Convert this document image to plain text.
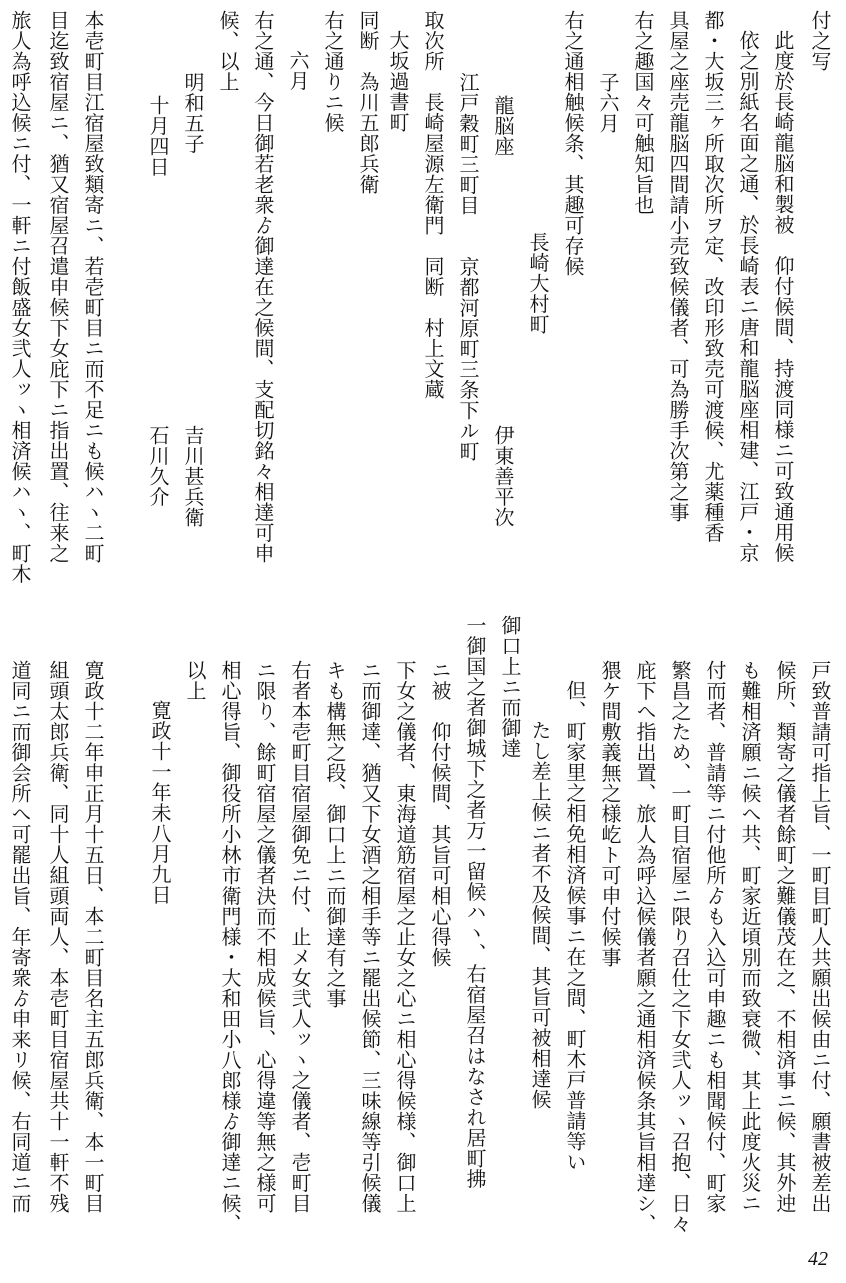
付之写
此度於長崎龍脳和製被　仰付候間、持渡同様ニ可致通用候
依之別紙名面之通、於長崎表ニ唐和龍脳座相建、江戸・京
都・大坂三ヶ所取次所ヲ定、改印形致売可渡候、尤薬種香
具屋之座売龍脳四間請小売致候儀者、可為勝手次第之事
右之趣国々可触知旨也
子六月
右之通相触候条、其趣可存候
長崎大村町
龍脳座
江戸穀町三町目　　京都河原町三条下ル町
伊東善平次
取次所　長崎屋源左衛門　同断　村上文蔵
大坂過書町
同断　為川五郎兵衛
右之通りニ候
六月
右之通、今日御若老衆ゟ御達在之候間、支配切銘々相達可申
候、以上
吉川甚兵衛
明和五子
石川久介
十月四日
本壱町目江宿屋致類寄ニ、若壱町目ニ而不足ニも候ハヽ二町
目迄致宿屋ニ、猶又宿屋召遣申候下女庇下ニ指出置、往来之
旅人為呼込候ニ付、一軒ニ付飯盛女弐人ッヽ相済候ハヽ、町木
戸致普請可指上旨、一町目町人共願出候由ニ付、願書被差出
候所、類寄之儀者餘町之難儀茂在之、不相済事ニ候、其外迚
も難相済願ニ候へ共、町家近頃別而致衰微、其上此度火災ニ
付而者、普請等ニ付他所ゟも入込可申趣ニも相聞候付、町家
繁昌之ため、一町目宿屋ニ限り召仕之下女弐人ッヽ召抱、日々
庇下へ指出置、旅人為呼込候儀者願之通相済候条其旨相達シ、
猥ケ間敷義無之様屹ト可申付候事
但、町家里之相免相済候事ニ在之間、町木戸普請等い
たし差上候ニ者不及候間、其旨可被相達候
御口上ニ而御達
一御国之者御城下之者万一留候ハヽ、右宿屋召はなされ居町拂
ニ被　仰付候間、其旨可相心得候
下女之儀者、東海道筋宿屋之止女之心ニ相心得候様、御口上
ニ而御達、猶又下女酒之相手等ニ罷出候節、三味線等引候儀
キも構無之段、御口上ニ而御達有之事
右者本壱町目宿屋御免ニ付、止メ女弐人ッヽ之儀者、壱町目
ニ限り、餘町宿屋之儀者決而不相成候旨、心得違等無之様可
相心得旨、御役所小林市衛門様・大和田小八郎様ゟ御達ニ候、
以上
寛政十一年未八月九日
寛政十二年申正月十五日、本二町目名主五郎兵衛、本一町目
組頭太郎兵衛、同十人組頭両人、本壱町目宿屋共十一軒不残
道同ニ而御会所へ可罷出旨、年寄衆ゟ申来リ候、右同道ニ而
42
